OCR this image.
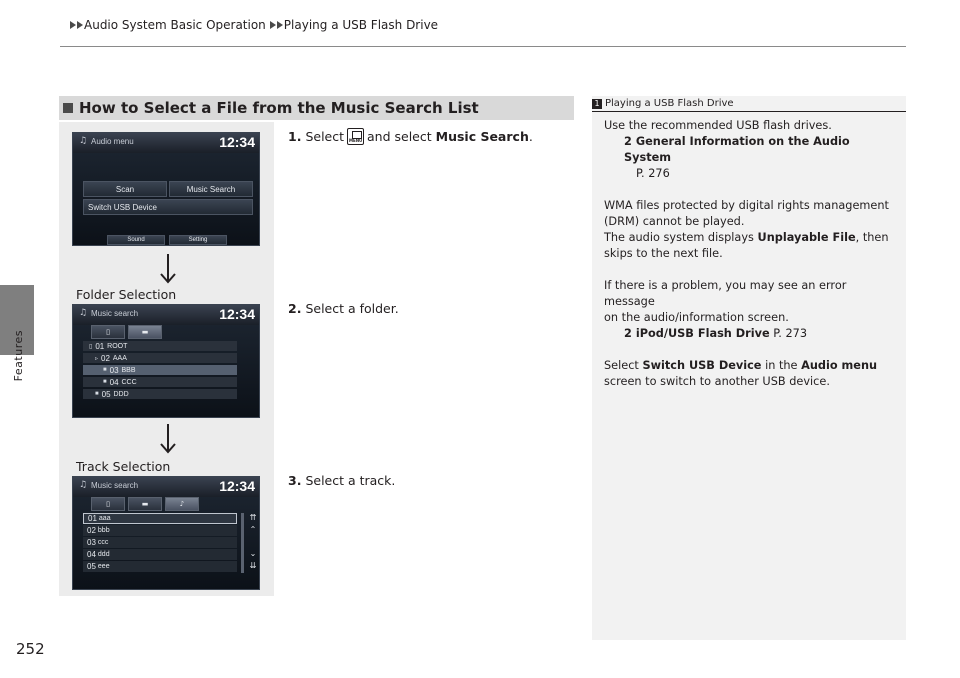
Audio System Basic Operation Playing a USB Flash Drive
Features
252
How to Select a File from the Music Search List
♫ Audio menu	12:34
Scan	Music Search
Switch USB Device
Sound	Setting
Folder Selection
♫ Music search	12:34
▯	▬
▯ 01
ROOT
▹ 02
AAA
■ 03
BBB
■ 04
CCC
■ 05
DDD
Track Selection
♫ Music search	12:34
▯	▬	♪
01 aaa
02 bbb
03 ccc
04 ddd
05 eee
⇈
⌃
⌄
⇊
1. SelectMENU and select Music Search.
2. Select a folder.
3. Select a track.
1 Playing a USB Flash Drive

Use the recommended USB flash drives.

2 General Information on the Audio System

P. 276

WMA files protected by digital rights management

(DRM) cannot be played.

The audio system displays Unplayable File, then

skips to the next file.

If there is a problem, you may see an error message

on the audio/information screen.

2 iPod/USB Flash Drive P. 273

Select Switch USB Device in the Audio menu

screen to switch to another USB device.
